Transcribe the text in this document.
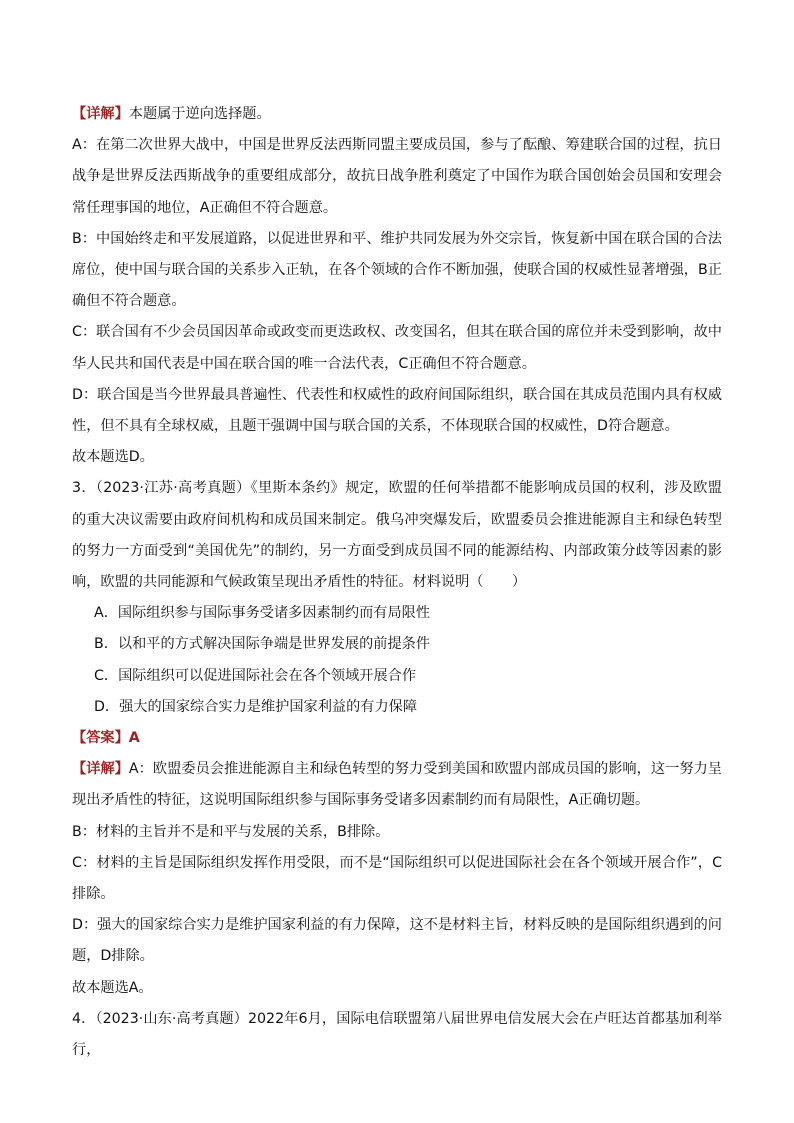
【详解】本题属于逆向选择题。

A：在第二次世界大战中，中国是世界反法西斯同盟主要成员国，参与了酝酿、筹建联合国的过程，抗日战争是世界反法西斯战争的重要组成部分，故抗日战争胜利奠定了中国作为联合国创始会员国和安理会常任理事国的地位，A正确但不符合题意。

B：中国始终走和平发展道路，以促进世界和平、维护共同发展为外交宗旨，恢复新中国在联合国的合法席位，使中国与联合国的关系步入正轨，在各个领域的合作不断加强，使联合国的权威性显著增强，B正确但不符合题意。

C：联合国有不少会员国因革命或政变而更迭政权、改变国名，但其在联合国的席位并未受到影响，故中华人民共和国代表是中国在联合国的唯一合法代表，C正确但不符合题意。

D：联合国是当今世界最具普遍性、代表性和权威性的政府间国际组织，联合国在其成员范围内具有权威性，但不具有全球权威，且题干强调中国与联合国的关系，不体现联合国的权威性，D符合题意。

故本题选D。

3．（2023·江苏·高考真题）《里斯本条约》规定，欧盟的任何举措都不能影响成员国的权利，涉及欧盟的重大决议需要由政府间机构和成员国来制定。俄乌冲突爆发后，欧盟委员会推进能源自主和绿色转型的努力一方面受到“美国优先”的制约，另一方面受到成员国不同的能源结构、内部政策分歧等因素的影响，欧盟的共同能源和气候政策呈现出矛盾性的特征。材料说明（　　）

A．国际组织参与国际事务受诸多因素制约而有局限性

B．以和平的方式解决国际争端是世界发展的前提条件

C．国际组织可以促进国际社会在各个领域开展合作

D．强大的国家综合实力是维护国家利益的有力保障

【答案】A

【详解】A：欧盟委员会推进能源自主和绿色转型的努力受到美国和欧盟内部成员国的影响，这一努力呈现出矛盾性的特征，这说明国际组织参与国际事务受诸多因素制约而有局限性，A正确切题。

B：材料的主旨并不是和平与发展的关系，B排除。

C：材料的主旨是国际组织发挥作用受限，而不是“国际组织可以促进国际社会在各个领域开展合作”，C排除。

D：强大的国家综合实力是维护国家利益的有力保障，这不是材料主旨，材料反映的是国际组织遇到的问题，D排除。

故本题选A。

4．（2023·山东·高考真题）2022年6月，国际电信联盟第八届世界电信发展大会在卢旺达首都基加利举行，
